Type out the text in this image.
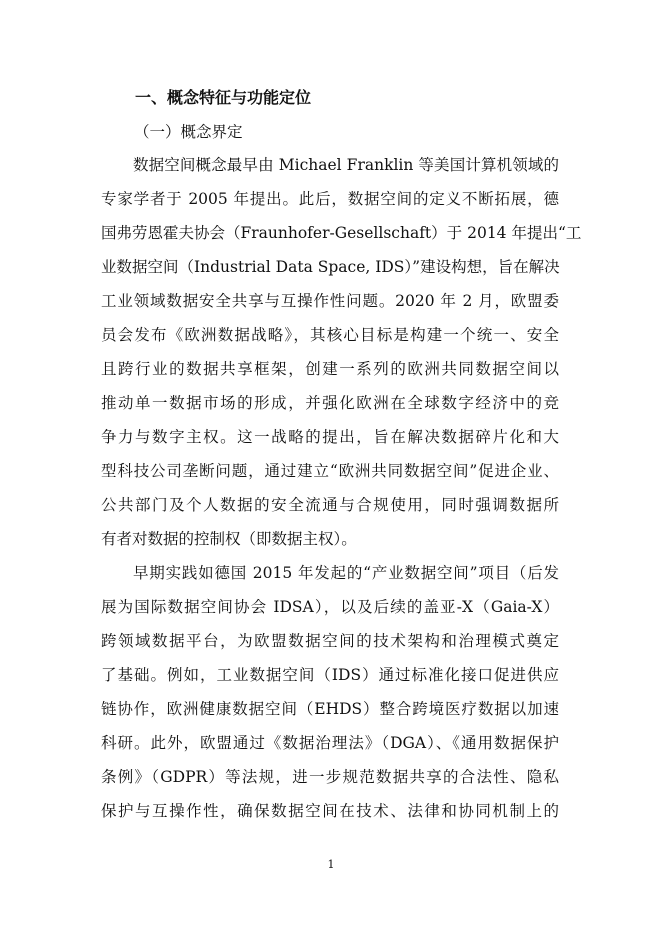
一、概念特征与功能定位
（一）概念界定
数据空间概念最早由 Michael Franklin 等美国计算机领域的
专家学者于 2005 年提出。此后，数据空间的定义不断拓展，德
国弗劳恩霍夫协会（Fraunhofer-Gesellschaft）于 2014 年提出“工
业数据空间（Industrial Data Space, IDS）”建设构想，旨在解决
工业领域数据安全共享与互操作性问题。2020 年 2 月，欧盟委
员会发布《欧洲数据战略》，其核心目标是构建一个统一、安全
且跨行业的数据共享框架，创建一系列的欧洲共同数据空间以
推动单一数据市场的形成，并强化欧洲在全球数字经济中的竞
争力与数字主权。这一战略的提出，旨在解决数据碎片化和大
型科技公司垄断问题，通过建立“欧洲共同数据空间”促进企业、
公共部门及个人数据的安全流通与合规使用，同时强调数据所
有者对数据的控制权（即数据主权）。
早期实践如德国 2015 年发起的“产业数据空间”项目（后发
展为国际数据空间协会 IDSA），以及后续的盖亚-X（Gaia-X）
跨领域数据平台，为欧盟数据空间的技术架构和治理模式奠定
了基础。例如，工业数据空间（IDS）通过标准化接口促进供应
链协作，欧洲健康数据空间（EHDS）整合跨境医疗数据以加速
科研。此外，欧盟通过《数据治理法》（DGA）、《通用数据保护
条例》（GDPR）等法规，进一步规范数据共享的合法性、隐私
保护与互操作性，确保数据空间在技术、法律和协同机制上的
1
